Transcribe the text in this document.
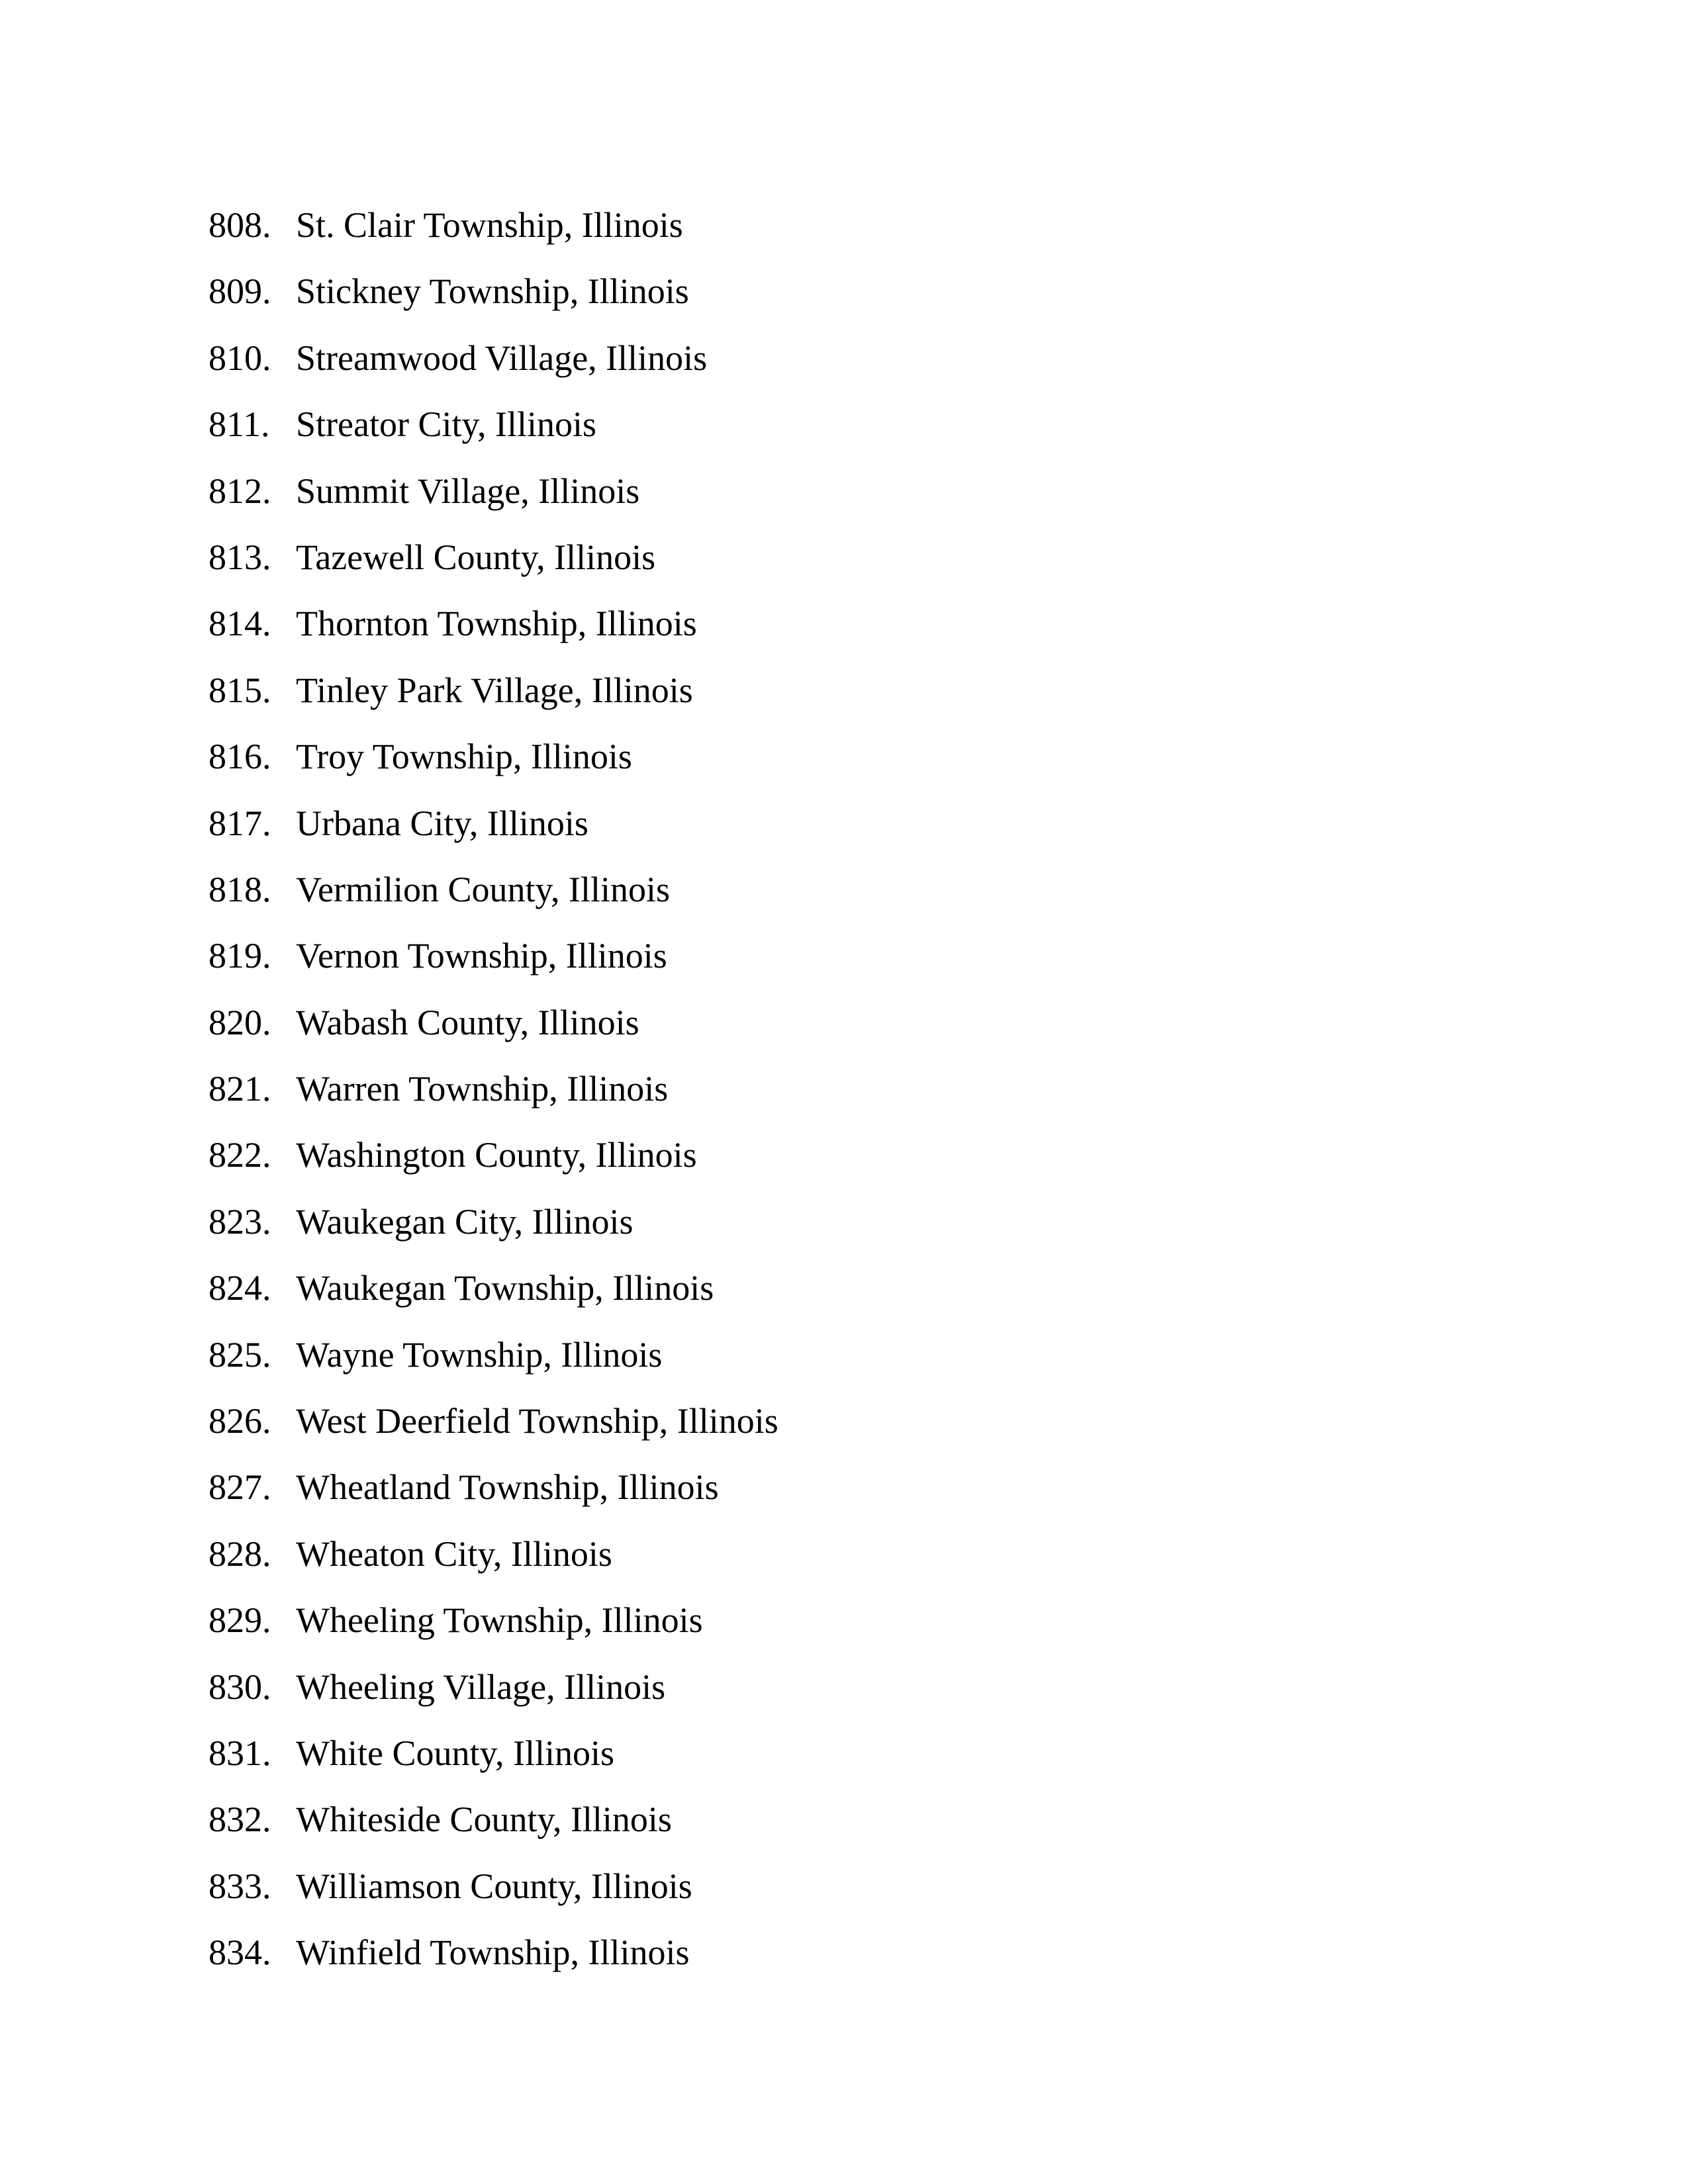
808. St. Clair Township, Illinois
809. Stickney Township, Illinois
810. Streamwood Village, Illinois
811. Streator City, Illinois
812. Summit Village, Illinois
813. Tazewell County, Illinois
814. Thornton Township, Illinois
815. Tinley Park Village, Illinois
816. Troy Township, Illinois
817. Urbana City, Illinois
818. Vermilion County, Illinois
819. Vernon Township, Illinois
820. Wabash County, Illinois
821. Warren Township, Illinois
822. Washington County, Illinois
823. Waukegan City, Illinois
824. Waukegan Township, Illinois
825. Wayne Township, Illinois
826. West Deerfield Township, Illinois
827. Wheatland Township, Illinois
828. Wheaton City, Illinois
829. Wheeling Township, Illinois
830. Wheeling Village, Illinois
831. White County, Illinois
832. Whiteside County, Illinois
833. Williamson County, Illinois
834. Winfield Township, Illinois
